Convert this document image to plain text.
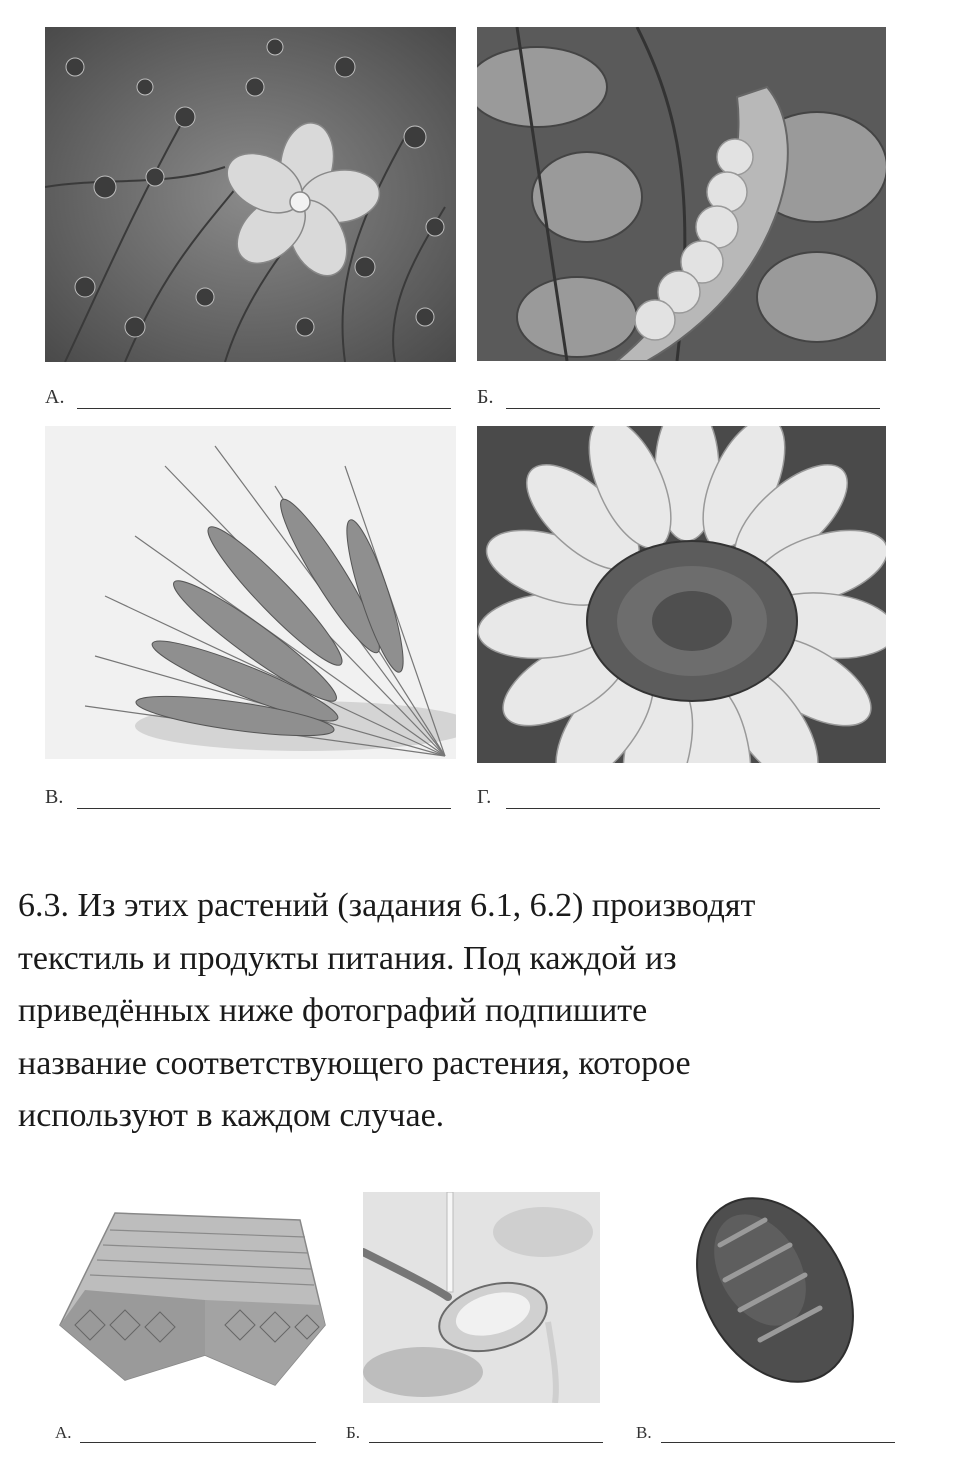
А.	Б.
В.	Г.
6.3. Из этих растений (задания 6.1, 6.2) производят
текстиль и продукты питания. Под каждой из
приведённых ниже фотографий подпишите
название соответствующего растения, которое
используют в каждом случае.
А.	Б.	В.
